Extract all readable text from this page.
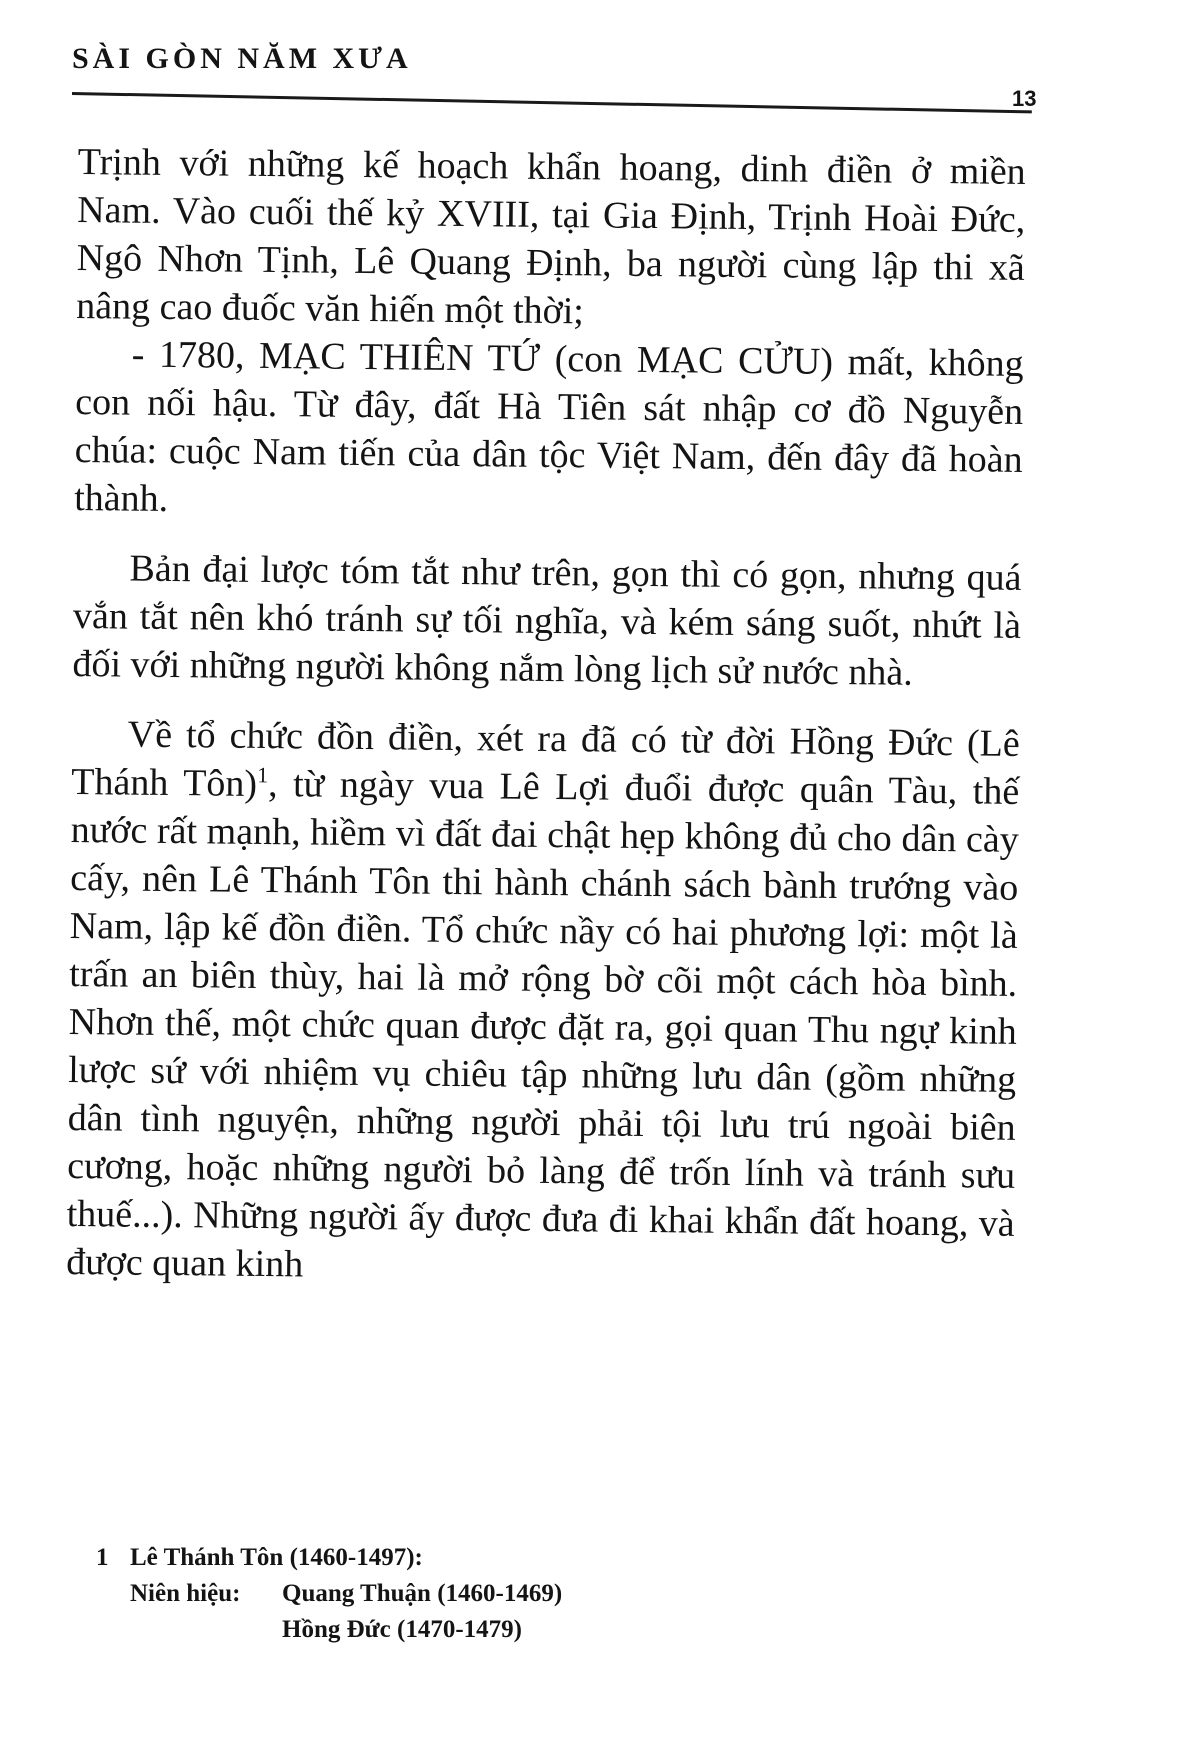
SÀI GÒN NĂM XƯA
13

Trịnh với những kế hoạch khẩn hoang, dinh điền ở miền Nam. Vào cuối thế kỷ XVIII, tại Gia Định, Trịnh Hoài Đức, Ngô Nhơn Tịnh, Lê Quang Định, ba người cùng lập thi xã nâng cao đuốc văn hiến một thời;

- 1780, MẠC THIÊN TỨ (con MẠC CỬU) mất, không con nối hậu. Từ đây, đất Hà Tiên sát nhập cơ đồ Nguyễn chúa: cuộc Nam tiến của dân tộc Việt Nam, đến đây đã hoàn thành.

Bản đại lược tóm tắt như trên, gọn thì có gọn, nhưng quá vắn tắt nên khó tránh sự tối nghĩa, và kém sáng suốt, nhứt là đối với những người không nắm lòng lịch sử nước nhà.

Về tổ chức đồn điền, xét ra đã có từ đời Hồng Đức (Lê Thánh Tôn)$^1$, từ ngày vua Lê Lợi đuổi được quân Tàu, thế nước rất mạnh, hiềm vì đất đai chật hẹp không đủ cho dân cày cấy, nên Lê Thánh Tôn thi hành chánh sách bành trướng vào Nam, lập kế đồn điền. Tổ chức nầy có hai phương lợi: một là trấn an biên thùy, hai là mở rộng bờ cõi một cách hòa bình. Nhơn thế, một chức quan được đặt ra, gọi quan Thu ngự kinh lược sứ với nhiệm vụ chiêu tập những lưu dân (gồm những dân tình nguyện, những người phải tội lưu trú ngoài biên cương, hoặc những người bỏ làng để trốn lính và tránh sưu thuế...). Những người ấy được đưa đi khai khẩn đất hoang, và được quan kinh

1 Lê Thánh Tôn (1460-1497):
Niên hiệu: Quang Thuận (1460-1469)
Hồng Đức (1470-1479)
